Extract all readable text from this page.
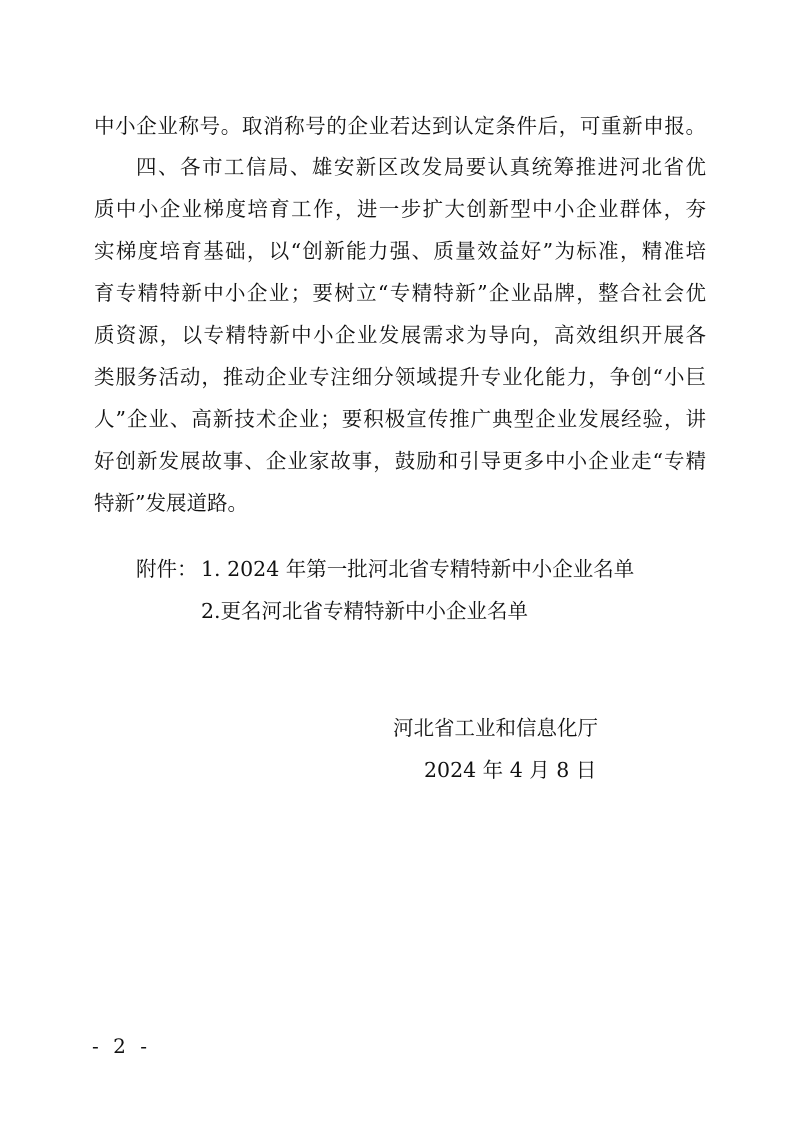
中小企业称号。取消称号的企业若达到认定条件后，可重新申报。
四、各市工信局、雄安新区改发局要认真统筹推进河北省优
质中小企业梯度培育工作，进一步扩大创新型中小企业群体，夯
实梯度培育基础，以“创新能力强、质量效益好”为标准，精准培
育专精特新中小企业；要树立“专精特新”企业品牌，整合社会优
质资源，以专精特新中小企业发展需求为导向，高效组织开展各
类服务活动，推动企业专注细分领域提升专业化能力，争创“小巨
人”企业、高新技术企业；要积极宣传推广典型企业发展经验，讲
好创新发展故事、企业家故事，鼓励和引导更多中小企业走“专精
特新”发展道路。
附件： 1. 2024 年第一批河北省专精特新中小企业名单
2.更名河北省专精特新中小企业名单
河北省工业和信息化厅
2024 年 4 月 8 日
- 2 -
